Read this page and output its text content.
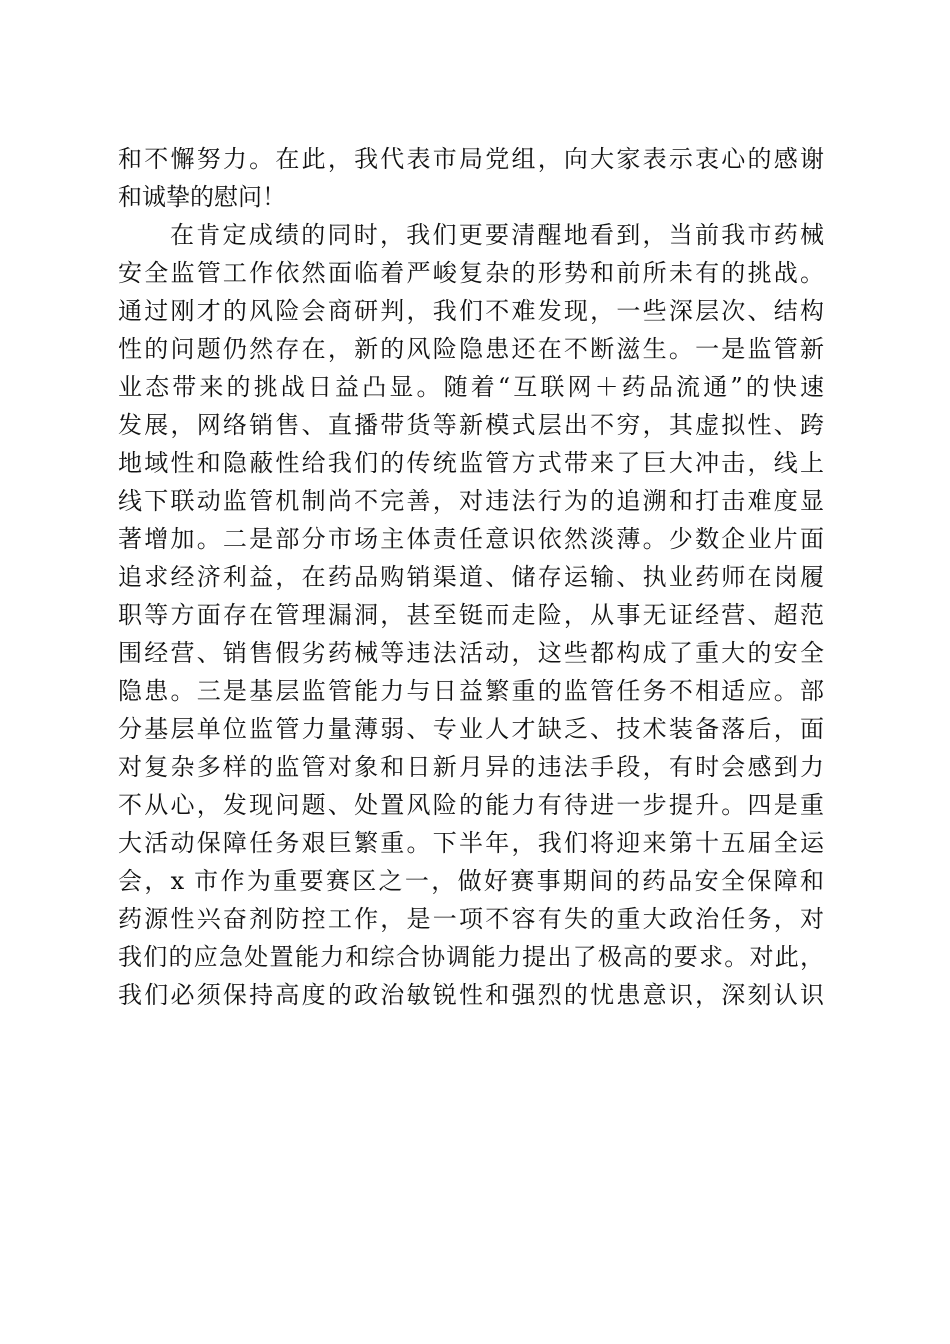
和不懈努力。在此，我代表市局党组，向大家表示衷心的感谢
和诚挚的慰问！
在肯定成绩的同时，我们更要清醒地看到，当前我市药械
安全监管工作依然面临着严峻复杂的形势和前所未有的挑战。
通过刚才的风险会商研判，我们不难发现，一些深层次、结构
性的问题仍然存在，新的风险隐患还在不断滋生。一是监管新
业态带来的挑战日益凸显。随着“互联网＋药品流通”的快速
发展，网络销售、直播带货等新模式层出不穷，其虚拟性、跨
地域性和隐蔽性给我们的传统监管方式带来了巨大冲击，线上
线下联动监管机制尚不完善，对违法行为的追溯和打击难度显
著增加。二是部分市场主体责任意识依然淡薄。少数企业片面
追求经济利益，在药品购销渠道、储存运输、执业药师在岗履
职等方面存在管理漏洞，甚至铤而走险，从事无证经营、超范
围经营、销售假劣药械等违法活动，这些都构成了重大的安全
隐患。三是基层监管能力与日益繁重的监管任务不相适应。部
分基层单位监管力量薄弱、专业人才缺乏、技术装备落后，面
对复杂多样的监管对象和日新月异的违法手段，有时会感到力
不从心，发现问题、处置风险的能力有待进一步提升。四是重
大活动保障任务艰巨繁重。下半年，我们将迎来第十五届全运
会，x 市作为重要赛区之一，做好赛事期间的药品安全保障和
药源性兴奋剂防控工作，是一项不容有失的重大政治任务，对
我们的应急处置能力和综合协调能力提出了极高的要求。对此，
我们必须保持高度的政治敏锐性和强烈的忧患意识，深刻认识
